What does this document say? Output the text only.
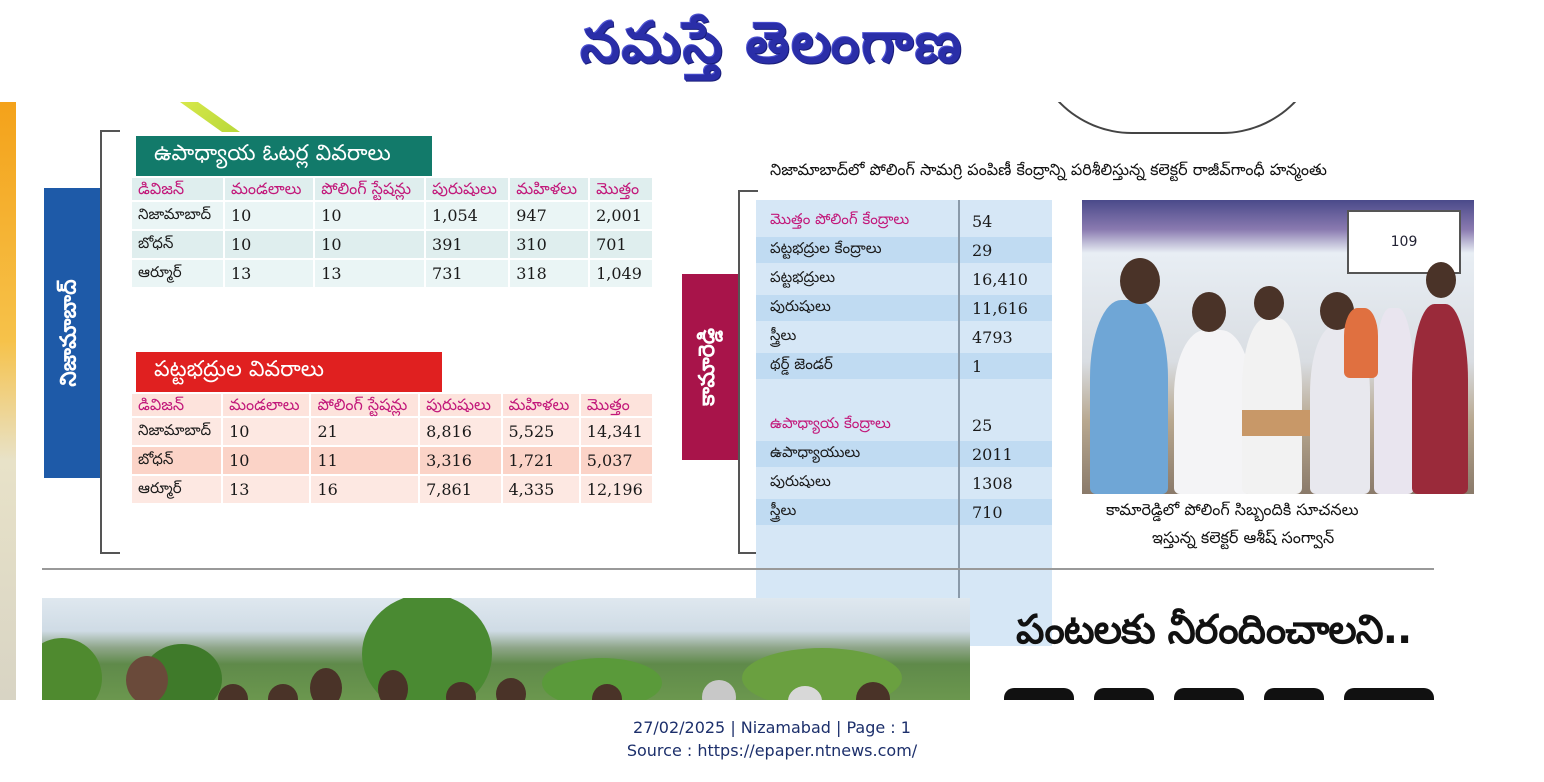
నమస్తే తెలంగాణ
నిజామాబాద్
ఉపాధ్యాయ ఓటర్ల వివరాలు
డివిజన్	మండలాలు	పోలింగ్ స్టేషన్లు	పురుషులు	మహిళలు	మొత్తం
నిజామాబాద్	10	10	1,054	947	2,001
బోధన్	10	10	391	310	701
ఆర్మూర్	13	13	731	318	1,049
పట్టభద్రుల వివరాలు
డివిజన్	మండలాలు	పోలింగ్ స్టేషన్లు	పురుషులు	మహిళలు	మొత్తం
నిజామాబాద్	10	21	8,816	5,525	14,341
బోధన్	10	11	3,316	1,721	5,037
ఆర్మూర్	13	16	7,861	4,335	12,196
నిజామాబాద్‌లో పోలింగ్ సామగ్రి పంపిణీ కేంద్రాన్ని పరిశీలిస్తున్న కలెక్టర్ రాజీవ్‌గాంధీ హన్మంతు
కామారెడ్డి
మొత్తం పోలింగ్ కేంద్రాలు	54
పట్టభద్రుల కేంద్రాలు	29
పట్టభద్రులు	16,410
పురుషులు	11,616
స్త్రీలు	4793
థర్డ్ జెండర్	1
ఉపాధ్యాయ కేంద్రాలు	25
ఉపాధ్యాయులు	2011
పురుషులు	1308
స్త్రీలు	710
109
కామారెడ్డిలో పోలింగ్ సిబ్బందికి సూచనలు
ఇస్తున్న కలెక్టర్ ఆశీష్ సంగ్వాన్
పంటలకు నీరందించాలని..
27/02/2025 | Nizamabad | Page : 1
Source : https://epaper.ntnews.com/
